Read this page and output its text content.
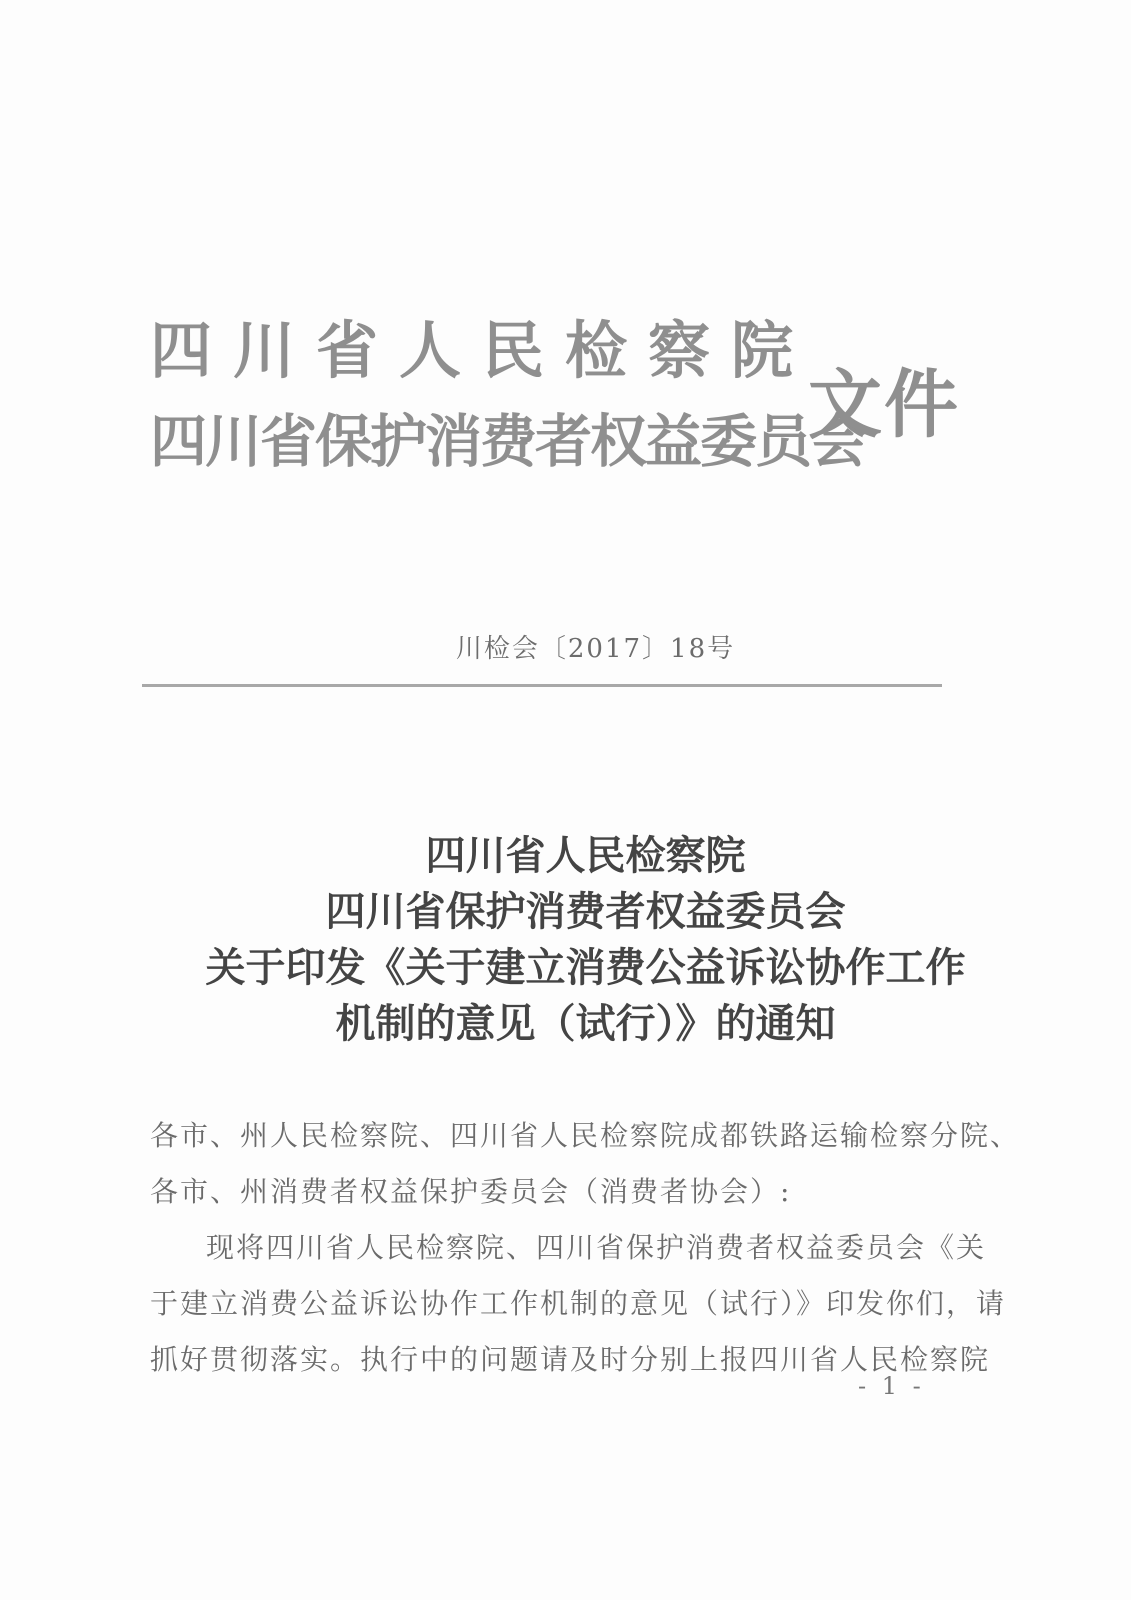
四川省人民检察院
四川省保护消费者权益委员会
文件
川检会〔2017〕18号
四川省人民检察院
四川省保护消费者权益委员会
关于印发《关于建立消费公益诉讼协作工作
机制的意见（试行）》的通知
各市、州人民检察院、四川省人民检察院成都铁路运输检察分院、
各市、州消费者权益保护委员会（消费者协会）:
现将四川省人民检察院、四川省保护消费者权益委员会《关
于建立消费公益诉讼协作工作机制的意见（试行）》印发你们，请
抓好贯彻落实。执行中的问题请及时分别上报四川省人民检察院
- 1 -
